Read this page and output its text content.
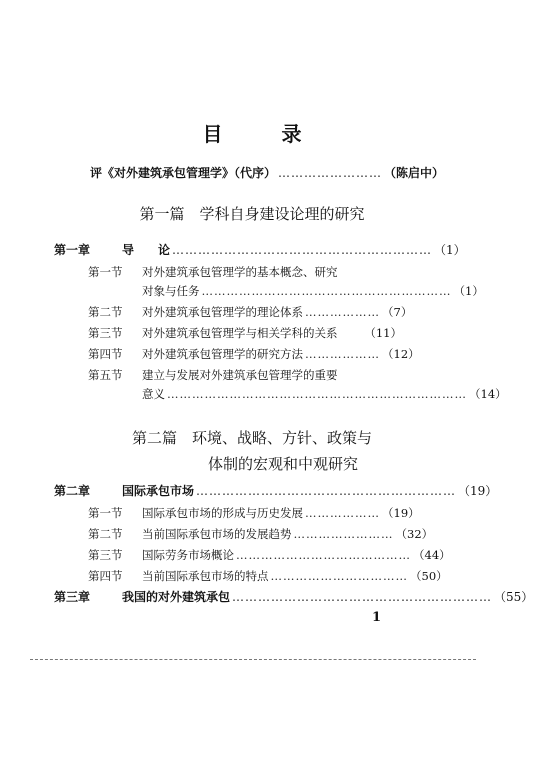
目 录
评《对外建筑承包管理学》（代序） …………………… （陈启中）
第一篇　学科自身建设论理的研究
第一章	导　　论 …………………………………………………… （1）
第一节	对外建筑承包管理学的基本概念、研究
对象与任务 …………………………………………………… （1）
第二节	对外建筑承包管理学的理论体系 ……………… （7）
第三节	对外建筑承包管理学与相关学科的关系 （11）
第四节	对外建筑承包管理学的研究方法 ……………… （12）
第五节	建立与发展对外建筑承包管理学的重要
意义 ……………………………………………………………… （14）
第二篇　环境、战略、方针、政策与
体制的宏观和中观研究
第二章	国际承包市场 …………………………………………………… （19）
第一节	国际承包市场的形成与历史发展 ……………… （19）
第二节	当前国际承包市场的发展趋势 …………………… （32）
第三节	国际劳务市场概论 …………………………………… （44）
第四节	当前国际承包市场的特点 …………………………… （50）
第三章	我国的对外建筑承包 …………………………………………………… （55）
1
